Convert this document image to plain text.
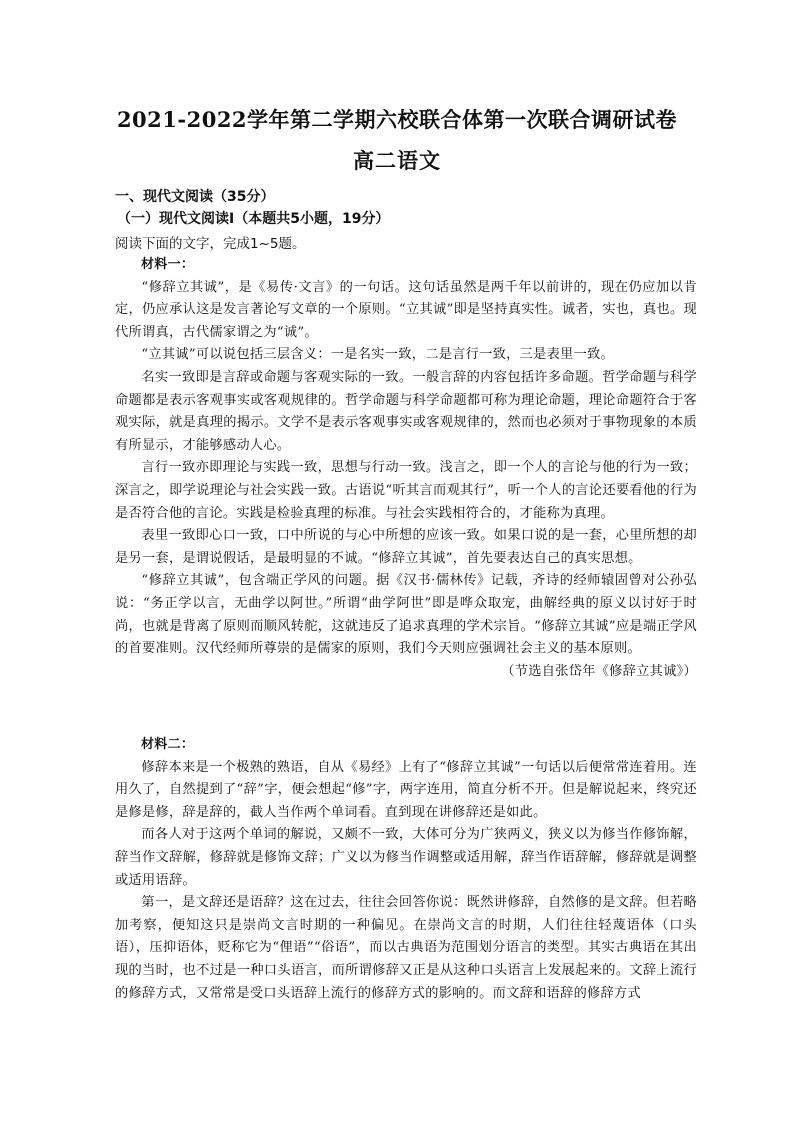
2021-2022学年第二学期六校联合体第一次联合调研试卷
高二语文
一、现代文阅读（35分）
（一）现代文阅读Ⅰ（本题共5小题，19分）
阅读下面的文字，完成1~5题。

材料一：

“修辞立其诚”，是《易传·文言》的一句话。这句话虽然是两千年以前讲的，现在仍应加以肯定，仍应承认这是发言著论写文章的一个原则。“立其诚”即是坚持真实性。诚者，实也，真也。现代所谓真，古代儒家谓之为“诚”。

“立其诚”可以说包括三层含义：一是名实一致，二是言行一致，三是表里一致。

名实一致即是言辞或命题与客观实际的一致。一般言辞的内容包括许多命题。哲学命题与科学命题都是表示客观事实或客观规律的。哲学命题与科学命题都可称为理论命题，理论命题符合于客观实际，就是真理的揭示。文学不是表示客观事实或客观规律的，然而也必须对于事物现象的本质有所显示，才能够感动人心。

言行一致亦即理论与实践一致，思想与行动一致。浅言之，即一个人的言论与他的行为一致；深言之，即学说理论与社会实践一致。古语说“听其言而观其行”，听一个人的言论还要看他的行为是否符合他的言论。实践是检验真理的标准。与社会实践相符合的，才能称为真理。

表里一致即心口一致，口中所说的与心中所想的应该一致。如果口说的是一套，心里所想的却是另一套，是谓说假话，是最明显的不诚。“修辞立其诚”，首先要表达自己的真实思想。

“修辞立其诚”，包含端正学风的问题。据《汉书·儒林传》记载，齐诗的经师辕固曾对公孙弘说：“务正学以言，无曲学以阿世。”所谓“曲学阿世”即是哗众取宠，曲解经典的原义以讨好于时尚，也就是背离了原则而顺风转舵，这就违反了追求真理的学术宗旨。“修辞立其诚”应是端正学风的首要准则。汉代经师所尊崇的是儒家的原则，我们今天则应强调社会主义的基本原则。

（节选自张岱年《修辞立其诚》）

材料二：

修辞本来是一个极熟的熟语，自从《易经》上有了“修辞立其诚”一句话以后便常常连着用。连用久了，自然提到了“辞”字，便会想起“修”字，两字连用，简直分析不开。但是解说起来，终究还是修是修，辞是辞的，截人当作两个单词看。直到现在讲修辞还是如此。

而各人对于这两个单词的解说，又颇不一致，大体可分为广狭两义，狭义以为修当作修饰解，辞当作文辞解，修辞就是修饰文辞；广义以为修当作调整或适用解，辞当作语辞解，修辞就是调整或适用语辞。

第一，是文辞还是语辞？这在过去，往往会回答你说：既然讲修辞，自然修的是文辞。但若略加考察，便知这只是崇尚文言时期的一种偏见。在崇尚文言的时期，人们往往轻蔑语体（口头语），压抑语体，贬称它为“俚语”“俗语”，而以古典语为范围划分语言的类型。其实古典语在其出现的当时，也不过是一种口头语言，而所谓修辞又正是从这种口头语言上发展起来的。文辞上流行的修辞方式，又常常是受口头语辞上流行的修辞方式的影响的。而文辞和语辞的修辞方式
